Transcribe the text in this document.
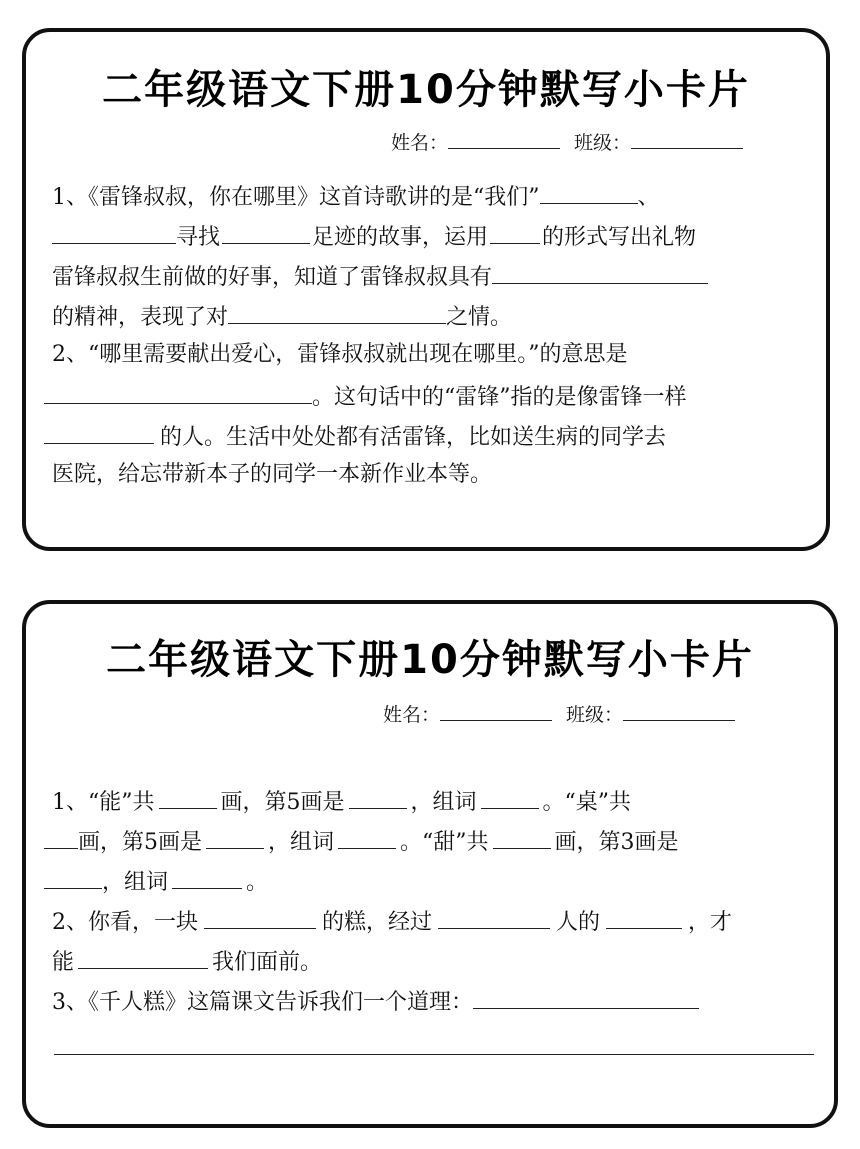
二年级语文下册10分钟默写小卡片
姓名：	班级：
1、《雷锋叔叔，你在哪里》这首诗歌讲的是“我们”	、
寻找	足迹的故事，运用 的形式写出礼物
雷锋叔叔生前做的好事，知道了雷锋叔叔具有
的精神，表现了对	之情。
2、“哪里需要献出爱心，雷锋叔叔就出现在哪里。”的意思是
。这句话中的“雷锋”指的是像雷锋一样
的人。生活中处处都有活雷锋，比如送生病的同学去
医院，给忘带新本子的同学一本新作业本等。
二年级语文下册10分钟默写小卡片
姓名：	班级：
1、“能”共	画，第5画是	，组词	。“桌”共
画，第5画是	，组词	。“甜”共	画，第3画是
，组词	。
2、你看，一块	的糕，经过	人的	，才
能	我们面前。
3、《千人糕》这篇课文告诉我们一个道理：
